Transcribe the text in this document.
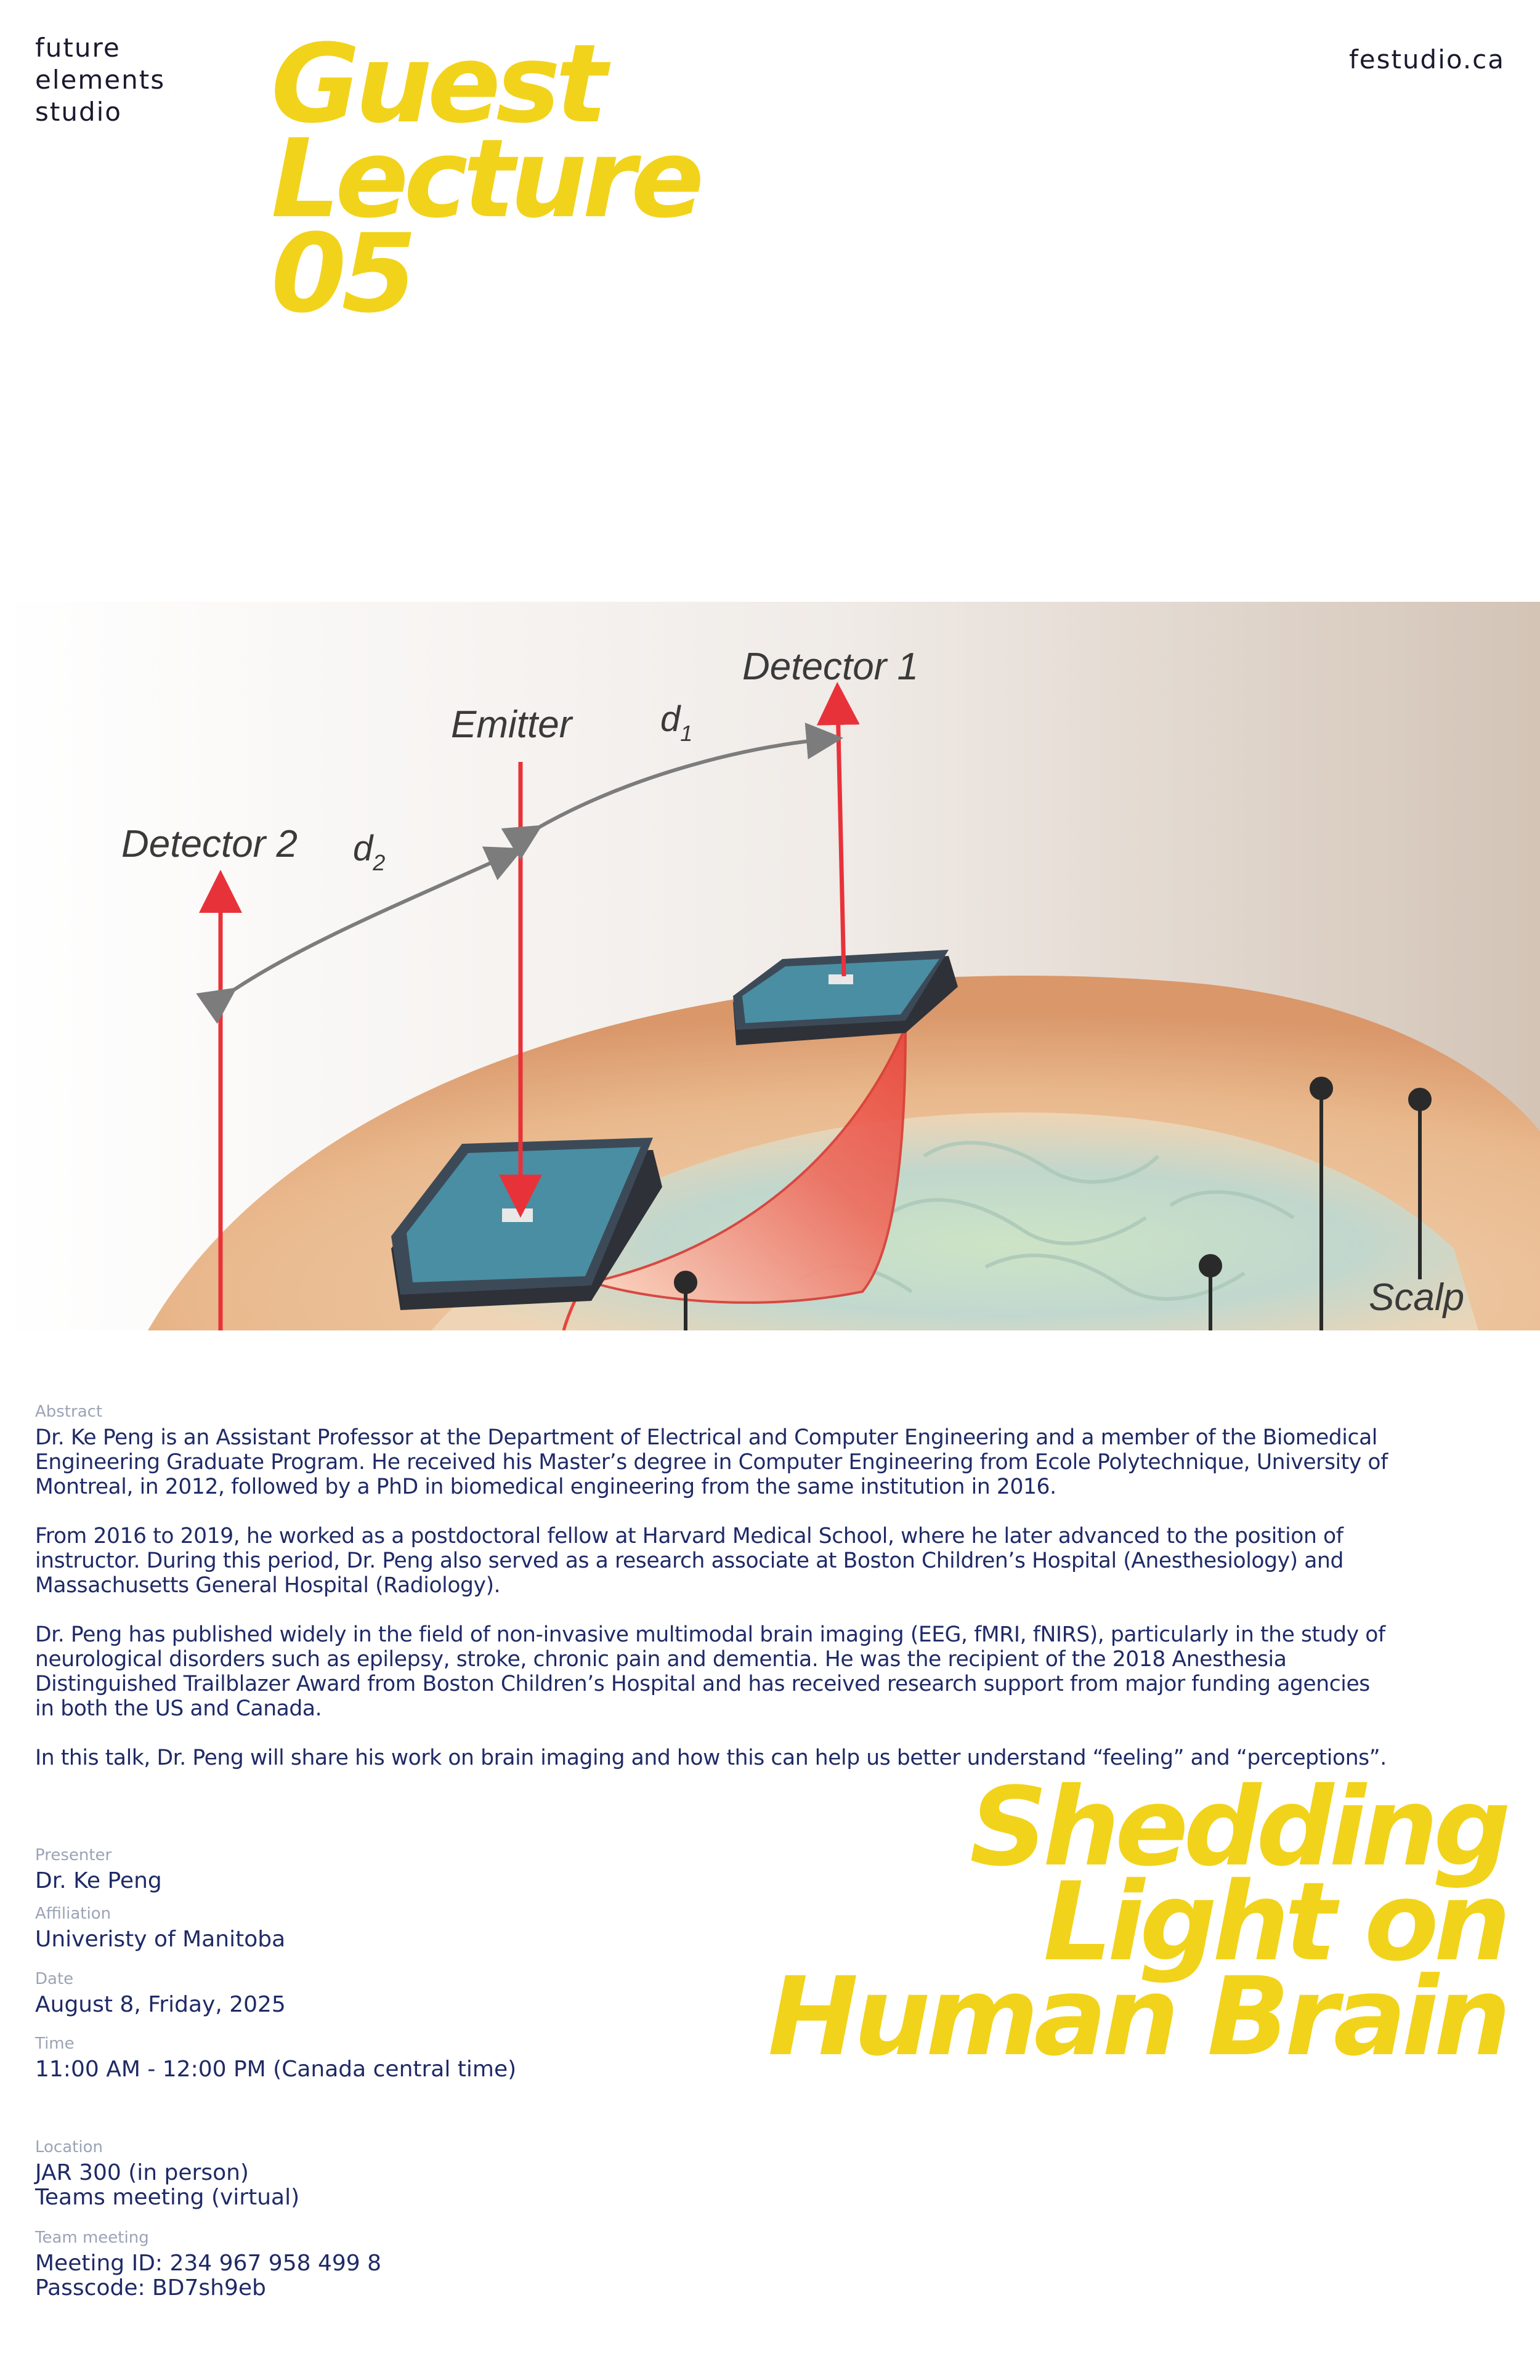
future
elements
studio
festudio.ca
Guest
Lecture
05
Detector 1
Emitter
Detector 2
$d_1$
$d_2$
Scalp
Abstract

Dr. Ke Peng is an Assistant Professor at the Department of Electrical and Computer Engineering and a member of the Biomedical Engineering Graduate Program. He received his Master’s degree in Computer Engineering from Ecole Polytechnique, University of Montreal, in 2012, followed by a PhD in biomedical engineering from the same institution in 2016.

From 2016 to 2019, he worked as a postdoctoral fellow at Harvard Medical School, where he later advanced to the position of instructor. During this period, Dr. Peng also served as a research associate at Boston Children’s Hospital (Anesthesiology) and Massachusetts General Hospital (Radiology).

Dr. Peng has published widely in the field of non-invasive multimodal brain imaging (EEG, fMRI, fNIRS), particularly in the study of neurological disorders such as epilepsy, stroke, chronic pain and dementia. He was the recipient of the 2018 Anesthesia Distinguished Trailblazer Award from Boston Children’s Hospital and has received research support from major funding agencies in both the US and Canada.

In this talk, Dr. Peng will share his work on brain imaging and how this can help us better understand “feeling” and “perceptions”.

Presenter
Dr. Ke Peng
Affiliation
Univeristy of Manitoba
Date
August 8, Friday, 2025
Time
11:00 AM - 12:00 PM (Canada central time)
Location
JAR 300 (in person)
Teams meeting (virtual)
Team meeting
Meeting ID: 234 967 958 499 8
Passcode: BD7sh9eb
Shedding
Light on
Human Brain
